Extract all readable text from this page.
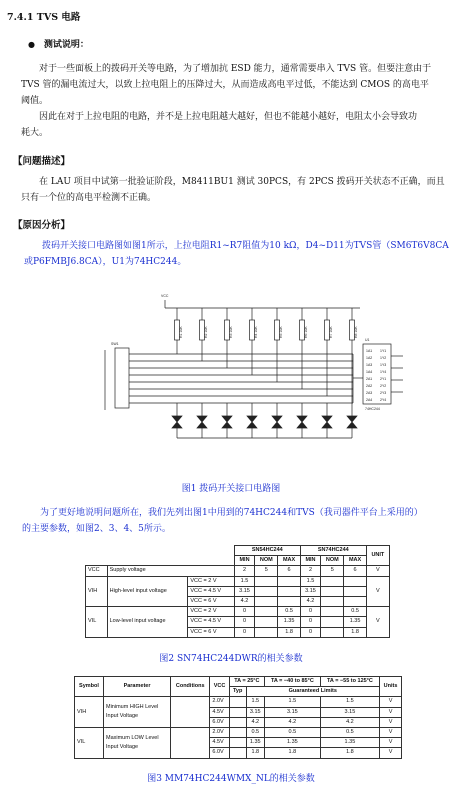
7.4.1 TVS 电路
● 测试说明：
对于一些面板上的拨码开关等电路，为了增加抗 ESD 能力，通常需要串入 TVS 管。但要注意由于
TVS 管的漏电流过大，以致上拉电阻上的压降过大，从而造成高电平过低，不能达到 CMOS 的高电平
阈值。
因此在对于上拉电阻的电路，并不是上拉电阻越大越好，但也不能越小越好，电阻太小会导致功
耗大。
【问题描述】
在 LAU 项目中试第一批验证阶段，M8411BU1 测试 30PCS，有 2PCS 拨码开关状态不正确，而且
只有一个位的高电平检测不正确。
【原因分析】
拨码开关接口电路图如图1所示，上拉电阻R1~R7阻值为10 kΩ，D4~D11为TVS管（SM6T6V8CA
或P6FMBJ6.8CA），U1为74HC244。
VCC
SW1
U1
74HC244
R1 10K	R2 10K	R3 10K	R4 10K	R5 10K	R6 10K	R7 10K	R8 10K
1A1
1A2
1A3
1A4
2A1
2A2
2A3
2A4
1Y1
1Y2
1Y3
1Y4
2Y1
2Y2
2Y3
2Y4
图1 拨码开关接口电路图
为了更好地说明问题所在，我们先列出图1中用到的74HC244和TVS（我司器件平台上采用的）
的主要参数，如图2、3、4、5所示。
			SN54HC244			SN74HC244			UNIT
			MIN	NOM	MAX	MIN	NOM	MAX	
VCC	Supply voltage		2	5	6	2	5	6	V
VIH	High-level input voltage	VCC = 2 V	1.5			1.5			V
		VCC = 4.5 V	3.15			3.15			
		VCC = 6 V	4.2			4.2			
VIL	Low-level input voltage	VCC = 2 V	0		0.5	0		0.5	V
		VCC = 4.5 V	0		1.35	0		1.35	
		VCC = 6 V	0		1.8	0		1.8	
图2 SN74HC244DWR的相关参数
Symbol	Parameter	Conditions	VCC	TA = 25°C		TA = −40 to 85°C	TA = −55 to 125°C	Units
				Typ	Guaranteed Limits			
VIH	Minimum HIGH Level
Input Voltage		2.0V		1.5	1.5	1.5	V
			4.5V		3.15	3.15	3.15	V
			6.0V		4.2	4.2	4.2	V
VIL	Maximum LOW Level
Input Voltage		2.0V		0.5	0.5	0.5	V
			4.5V		1.35	1.35	1.35	V
			6.0V		1.8	1.8	1.8	V
图3 MM74HC244WMX_NL的相关参数
